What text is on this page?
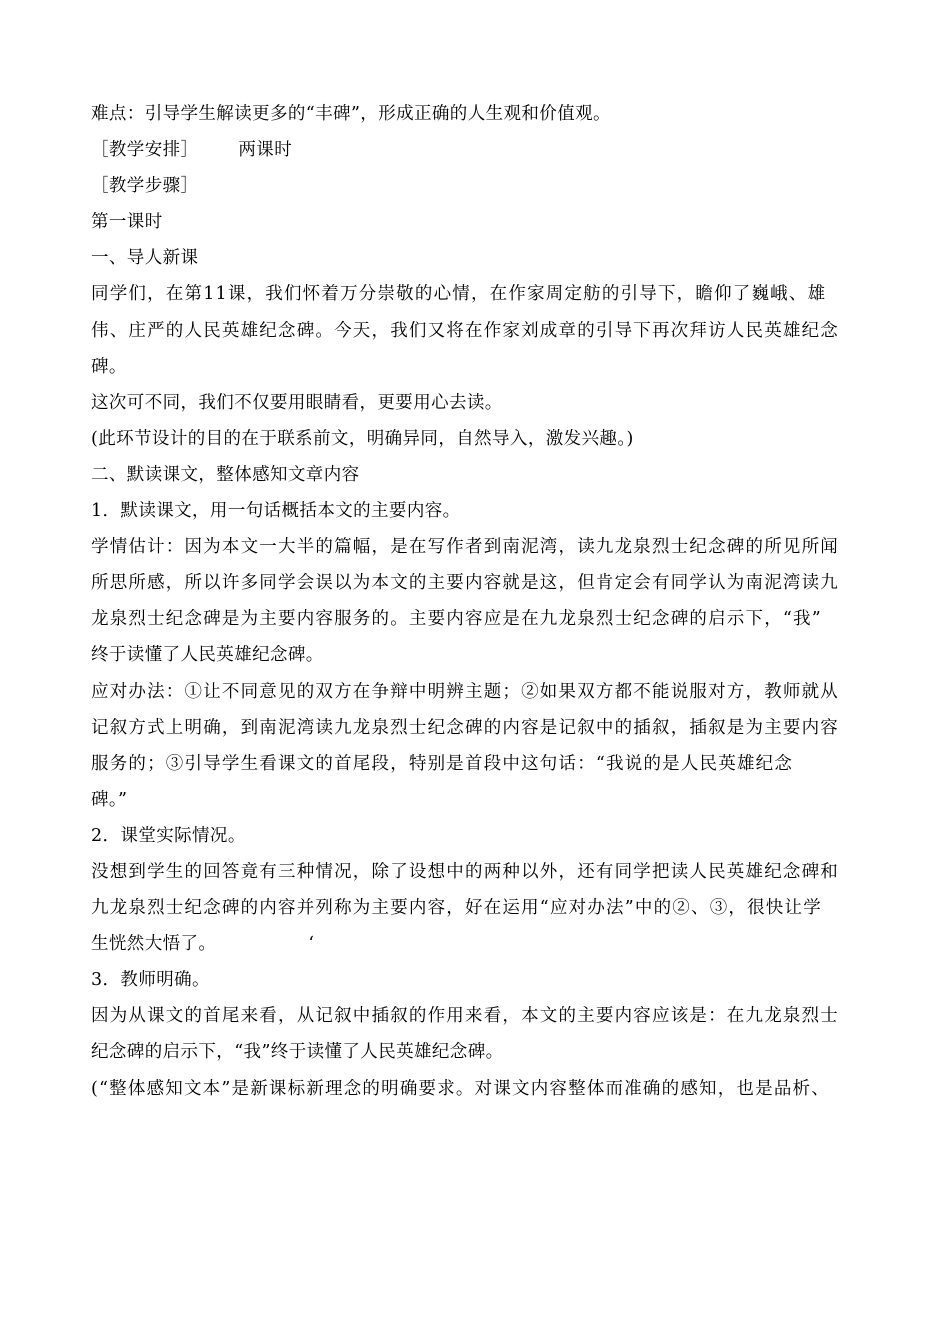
难点：引导学生解读更多的“丰碑”，形成正确的人生观和价值观。
［教学安排］ 两课时
［教学步骤］
第一课时
一、导人新课
同学们，在第11课，我们怀着万分崇敬的心情，在作家周定舫的引导下，瞻仰了巍峨、雄
伟、庄严的人民英雄纪念碑。今天，我们又将在作家刘成章的引导下再次拜访人民英雄纪念
碑。
这次可不同，我们不仅要用眼睛看，更要用心去读。
(此环节设计的目的在于联系前文，明确异同，自然导入，激发兴趣。)
二、默读课文，整体感知文章内容
1．默读课文，用一句话概括本文的主要内容。
学情估计：因为本文一大半的篇幅，是在写作者到南泥湾，读九龙泉烈士纪念碑的所见所闻
所思所感，所以许多同学会误以为本文的主要内容就是这，但肯定会有同学认为南泥湾读九
龙泉烈士纪念碑是为主要内容服务的。主要内容应是在九龙泉烈士纪念碑的启示下，“我”
终于读懂了人民英雄纪念碑。
应对办法：①让不同意见的双方在争辩中明辨主题；②如果双方都不能说服对方，教师就从
记叙方式上明确，到南泥湾读九龙泉烈士纪念碑的内容是记叙中的插叙，插叙是为主要内容
服务的；③引导学生看课文的首尾段，特别是首段中这句话：“我说的是人民英雄纪念
碑。”
2．课堂实际情况。
没想到学生的回答竟有三种情况，除了设想中的两种以外，还有同学把读人民英雄纪念碑和
九龙泉烈士纪念碑的内容并列称为主要内容，好在运用“应对办法”中的②、③，很快让学
生恍然大悟了。	‘
3．教师明确。
因为从课文的首尾来看，从记叙中插叙的作用来看，本文的主要内容应该是：在九龙泉烈士
纪念碑的启示下，“我”终于读懂了人民英雄纪念碑。
(“整体感知文本”是新课标新理念的明确要求。对课文内容整体而准确的感知，也是品析、
